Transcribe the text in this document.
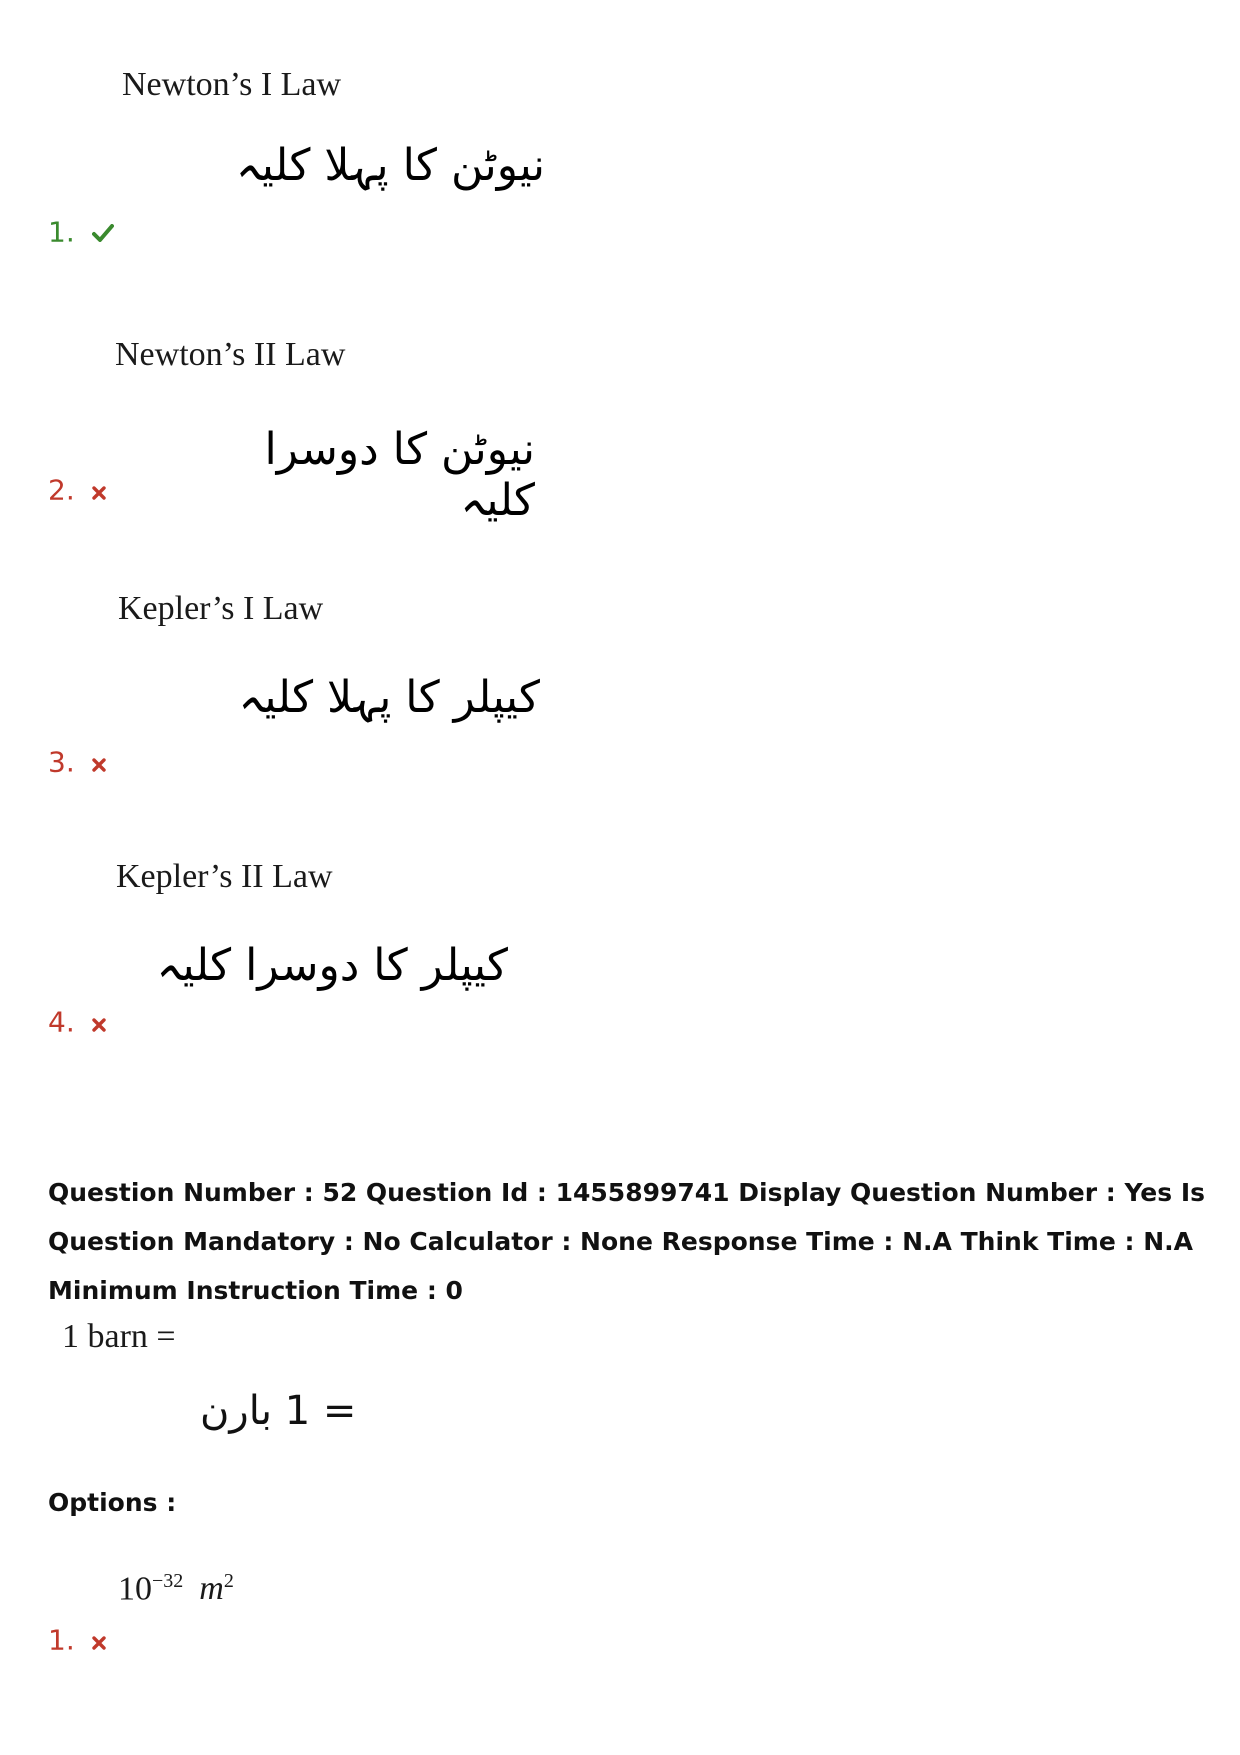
Newton’s I Law
نیوٹن کا پہلا کلیہ
1.
Newton’s II Law
نیوٹن کا دوسرا کلیہ
2.
Kepler’s I Law
کیپلر کا پہلا کلیہ
3.
Kepler’s II Law
کیپلر کا دوسرا کلیہ
4.
Question Number : 52 Question Id : 1455899741 Display Question Number : Yes Is Question Mandatory : No Calculator : None Response Time : N.A Think Time : N.A Minimum Instruction Time : 0
1 barn =
= 1 بارن
Options :
$10^{-32}$ $m^2$
1.
